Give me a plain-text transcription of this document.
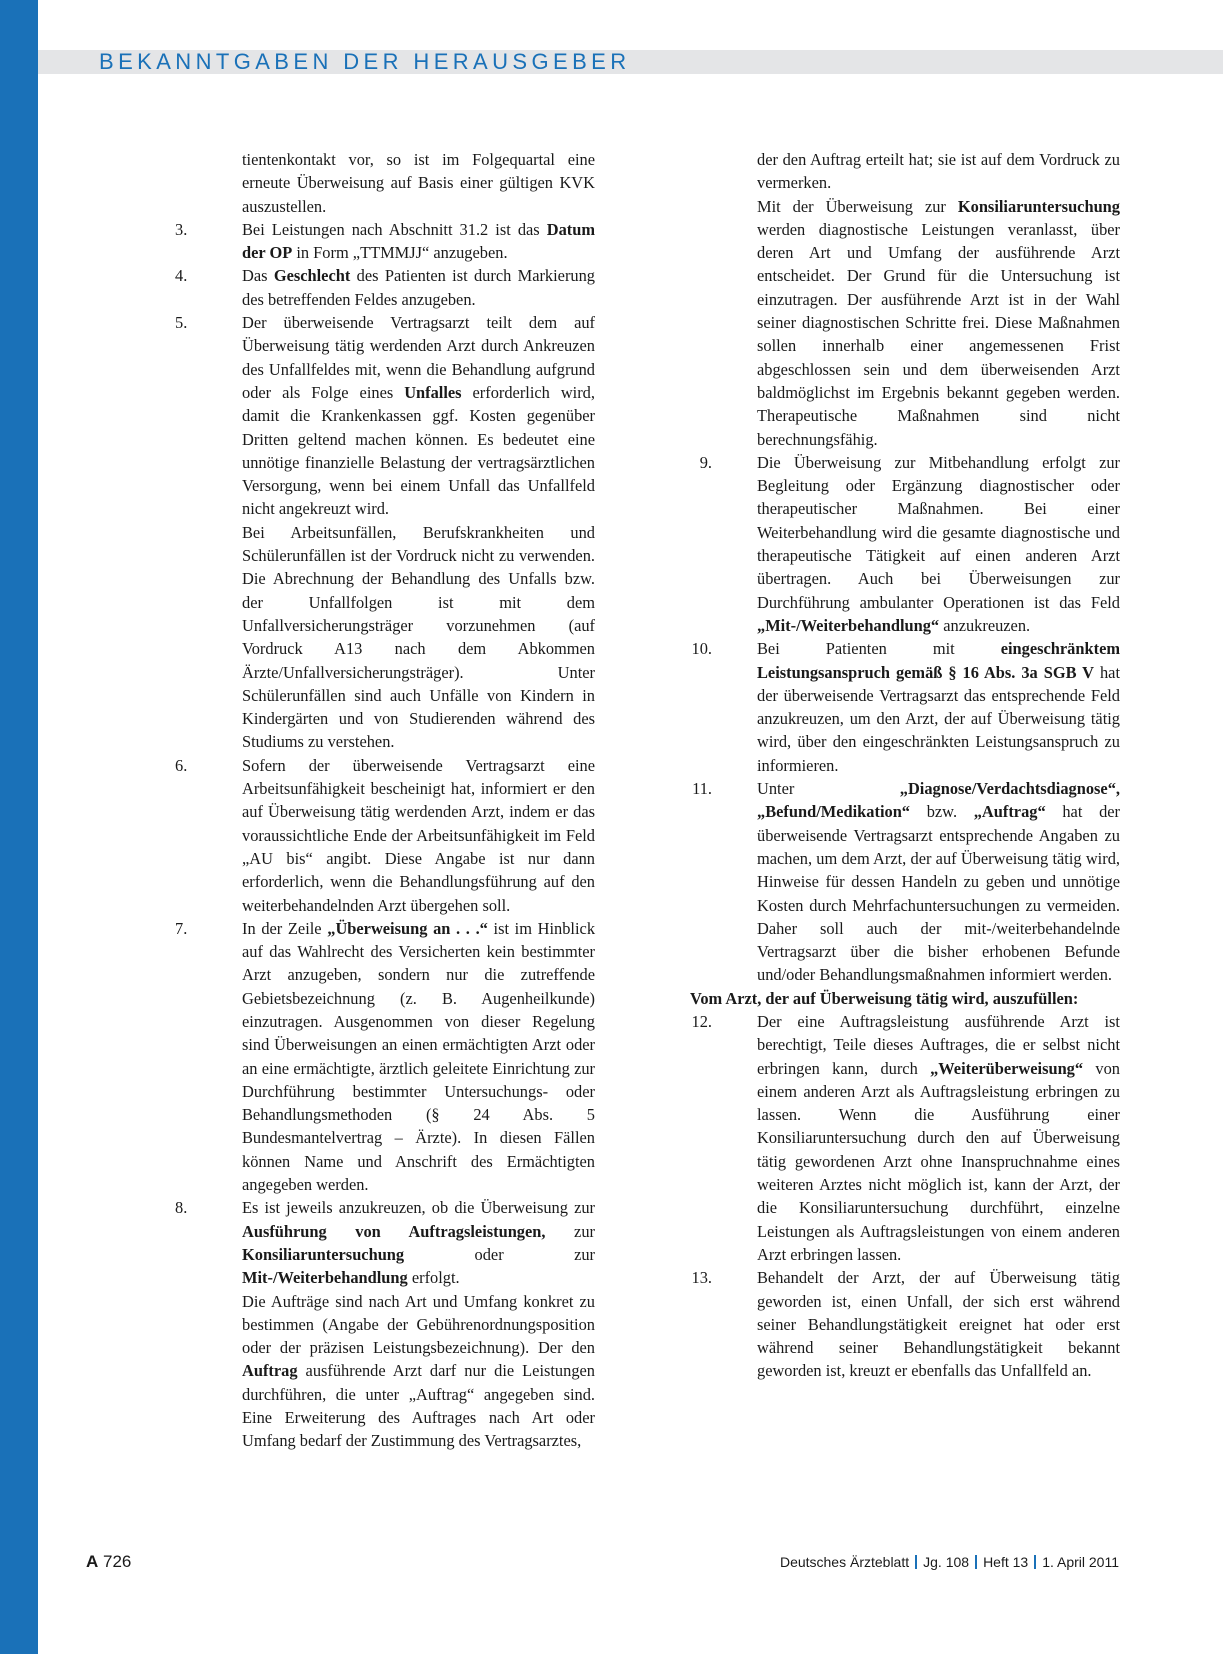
BEKANNTGABEN DER HERAUSGEBER
tientenkontakt vor, so ist im Folgequartal eine erneute Überweisung auf Basis einer gültigen KVK auszustellen.
3.	Bei Leistungen nach Abschnitt 31.2 ist das Datum der OP in Form „TTMMJJ“ anzugeben.
4.	Das Geschlecht des Patienten ist durch Markierung des betreffenden Feldes anzugeben.
5.	Der überweisende Vertragsarzt teilt dem auf Überweisung tätig werdenden Arzt durch Ankreuzen des Unfallfeldes mit, wenn die Behandlung aufgrund oder als Folge eines Unfalles erforderlich wird, damit die Krankenkassen ggf. Kosten gegenüber Dritten geltend machen können. Es bedeutet eine unnötige finanzielle Belastung der vertragsärztlichen Versorgung, wenn bei einem Unfall das Unfallfeld nicht angekreuzt wird.
Bei Arbeitsunfällen, Berufskrankheiten und Schülerunfällen ist der Vordruck nicht zu verwenden. Die Abrechnung der Behandlung des Unfalls bzw. der Unfallfolgen ist mit dem Unfallversicherungsträger vorzunehmen (auf Vordruck A13 nach dem Abkommen Ärzte/Unfallversicherungsträger). Unter Schülerunfällen sind auch Unfälle von Kindern in Kindergärten und von Studierenden während des Studiums zu verstehen.
6.	Sofern der überweisende Vertragsarzt eine Arbeitsunfähigkeit bescheinigt hat, informiert er den auf Überweisung tätig werdenden Arzt, indem er das voraussichtliche Ende der Arbeitsunfähigkeit im Feld „AU bis“ angibt. Diese Angabe ist nur dann erforderlich, wenn die Behandlungsführung auf den weiterbehandelnden Arzt übergehen soll.
7.	In der Zeile „Überweisung an . . .“ ist im Hinblick auf das Wahlrecht des Versicherten kein bestimmter Arzt anzugeben, sondern nur die zutreffende Gebietsbezeichnung (z. B. Augenheilkunde) einzutragen. Ausgenommen von dieser Regelung sind Überweisungen an einen ermächtigten Arzt oder an eine ermächtigte, ärztlich geleitete Einrichtung zur Durchführung bestimmter Untersuchungs- oder Behandlungsmethoden (§ 24 Abs. 5 Bundesmantelvertrag – Ärzte). In diesen Fällen können Name und Anschrift des Ermächtigten angegeben werden.
8.	Es ist jeweils anzukreuzen, ob die Überweisung zur Ausführung von Auftragsleistungen, zur Konsiliaruntersuchung oder zur Mit-/Weiterbehandlung erfolgt.
Die Aufträge sind nach Art und Umfang konkret zu bestimmen (Angabe der Gebührenordnungsposition oder der präzisen Leistungsbezeichnung). Der den Auftrag ausführende Arzt darf nur die Leistungen durchführen, die unter „Auftrag“ angegeben sind. Eine Erweiterung des Auftrages nach Art oder Umfang bedarf der Zustimmung des Vertragsarztes,
der den Auftrag erteilt hat; sie ist auf dem Vordruck zu vermerken.
Mit der Überweisung zur Konsiliaruntersuchung werden diagnostische Leistungen veranlasst, über deren Art und Umfang der ausführende Arzt entscheidet. Der Grund für die Untersuchung ist einzutragen. Der ausführende Arzt ist in der Wahl seiner diagnostischen Schritte frei. Diese Maßnahmen sollen innerhalb einer angemessenen Frist abgeschlossen sein und dem überweisenden Arzt baldmöglichst im Ergebnis bekannt gegeben werden. Therapeutische Maßnahmen sind nicht berechnungsfähig.
9.	Die Überweisung zur Mitbehandlung erfolgt zur Begleitung oder Ergänzung diagnostischer oder therapeutischer Maßnahmen. Bei einer Weiterbehandlung wird die gesamte diagnostische und therapeutische Tätigkeit auf einen anderen Arzt übertragen. Auch bei Überweisungen zur Durchführung ambulanter Operationen ist das Feld „Mit-/Weiterbehandlung“ anzukreuzen.
10.	Bei Patienten mit eingeschränktem Leistungsanspruch gemäß § 16 Abs. 3a SGB V hat der überweisende Vertragsarzt das entsprechende Feld anzukreuzen, um den Arzt, der auf Überweisung tätig wird, über den eingeschränkten Leistungsanspruch zu informieren.
11.	Unter „Diagnose/Verdachtsdiagnose“, „Befund/Medikation“ bzw. „Auftrag“ hat der überweisende Vertragsarzt entsprechende Angaben zu machen, um dem Arzt, der auf Überweisung tätig wird, Hinweise für dessen Handeln zu geben und unnötige Kosten durch Mehrfachuntersuchungen zu vermeiden. Daher soll auch der mit-/weiterbehandelnde Vertragsarzt über die bisher erhobenen Befunde und/oder Behandlungsmaßnahmen informiert werden.
Vom Arzt, der auf Überweisung tätig wird, auszufüllen:
12.	Der eine Auftragsleistung ausführende Arzt ist berechtigt, Teile dieses Auftrages, die er selbst nicht erbringen kann, durch „Weiterüberweisung“ von einem anderen Arzt als Auftragsleistung erbringen zu lassen. Wenn die Ausführung einer Konsiliaruntersuchung durch den auf Überweisung tätig gewordenen Arzt ohne Inanspruchnahme eines weiteren Arztes nicht möglich ist, kann der Arzt, der die Konsiliaruntersuchung durchführt, einzelne Leistungen als Auftragsleistungen von einem anderen Arzt erbringen lassen.
13.	Behandelt der Arzt, der auf Überweisung tätig geworden ist, einen Unfall, der sich erst während seiner Behandlungstätigkeit ereignet hat oder erst während seiner Behandlungstätigkeit bekannt geworden ist, kreuzt er ebenfalls das Unfallfeld an.
A 726	Deutsches Ärzteblatt Jg. 108 Heft 13 1. April 2011
